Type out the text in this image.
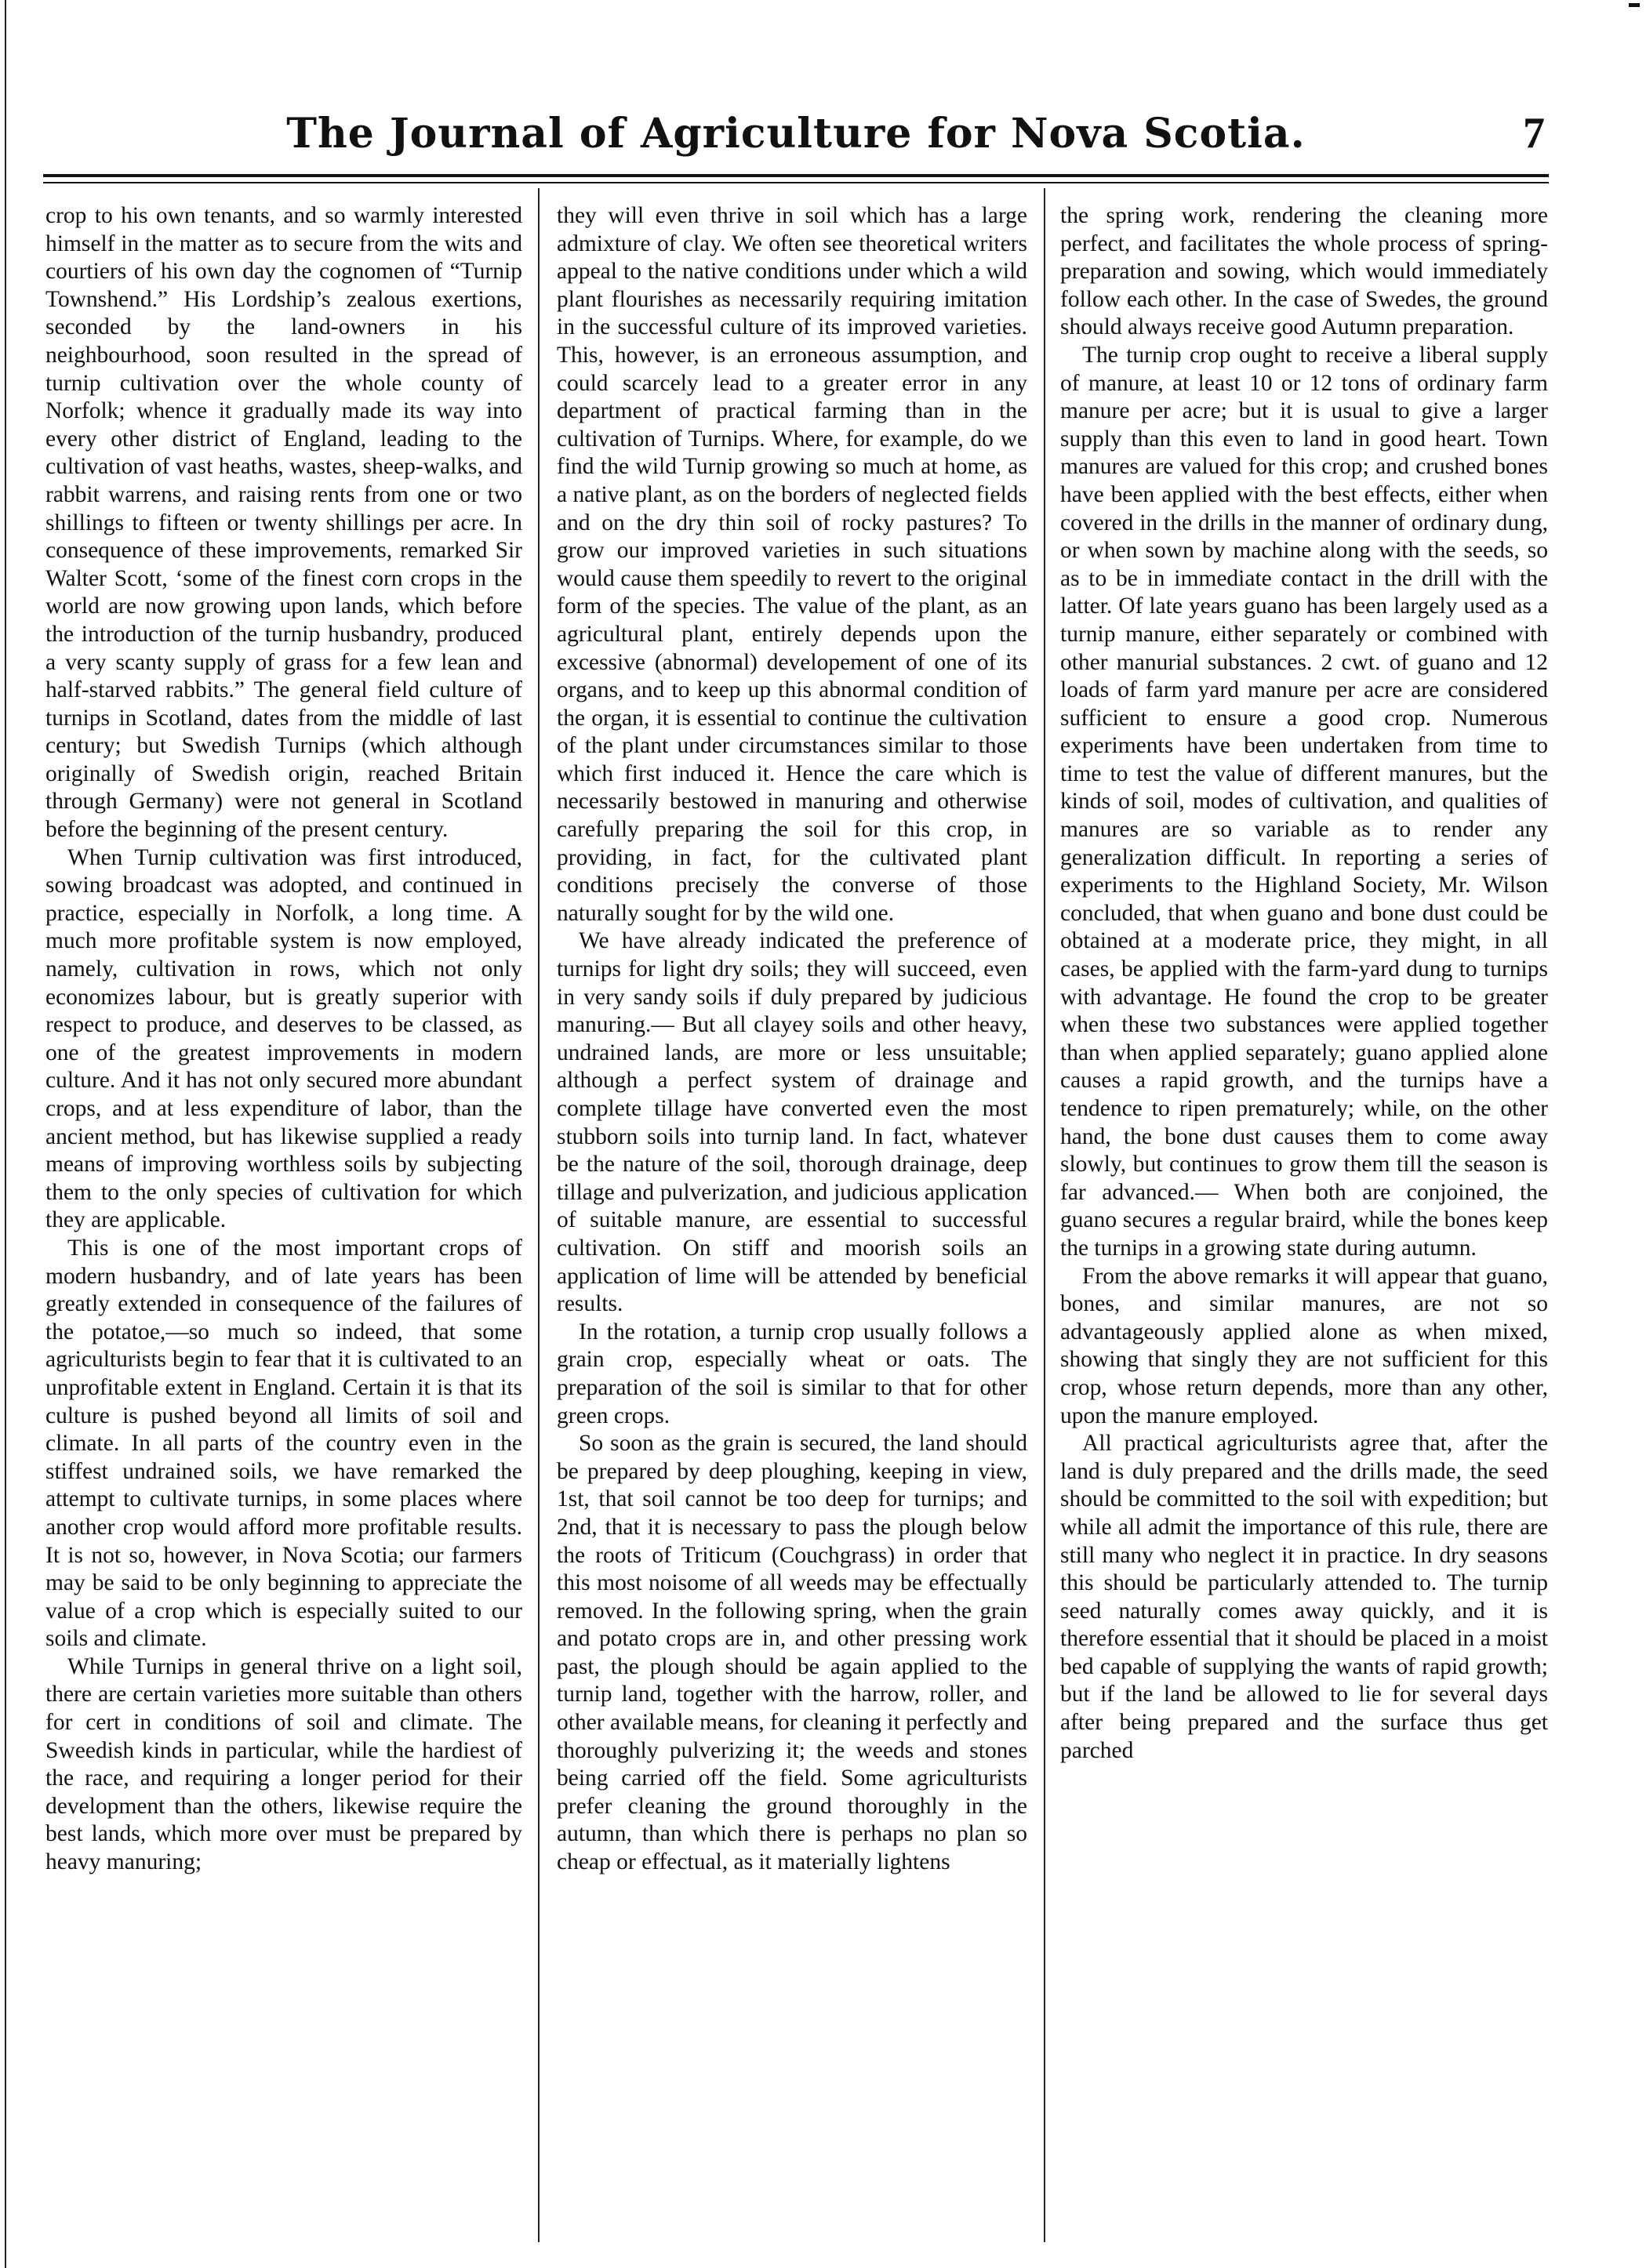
The Journal of Agriculture for Nova Scotia.	7

crop to his own tenants, and so warmly interested himself in the matter as to secure from the wits and courtiers of his own day the cognomen of “Turnip Townshend.” His Lordship’s zealous exertions, seconded by the land-owners in his neighbourhood, soon resulted in the spread of turnip cultivation over the whole county of Norfolk; whence it gradually made its way into every other district of England, leading to the cultivation of vast heaths, wastes, sheep-walks, and rabbit warrens, and raising rents from one or two shillings to fifteen or twenty shillings per acre. In consequence of these improvements, remarked Sir Walter Scott, ‘some of the finest corn crops in the world are now growing upon lands, which before the introduction of the turnip husbandry, produced a very scanty supply of grass for a few lean and half-starved rabbits.” The general field culture of turnips in Scotland, dates from the middle of last century; but Swedish Turnips (which although originally of Swedish origin, reached Britain through Germany) were not general in Scotland before the beginning of the present century.

When Turnip cultivation was first introduced, sowing broadcast was adopted, and continued in practice, especially in Norfolk, a long time. A much more profitable system is now employed, namely, cultivation in rows, which not only economizes labour, but is greatly superior with respect to produce, and deserves to be classed, as one of the greatest improvements in modern culture. And it has not only secured more abundant crops, and at less expenditure of labor, than the ancient method, but has likewise supplied a ready means of improving worthless soils by subjecting them to the only species of cultivation for which they are applicable.

This is one of the most important crops of modern husbandry, and of late years has been greatly extended in consequence of the failures of the potatoe,—so much so indeed, that some agriculturists begin to fear that it is cultivated to an unprofitable extent in England. Certain it is that its culture is pushed beyond all limits of soil and climate. In all parts of the country even in the stiffest undrained soils, we have remarked the attempt to cultivate turnips, in some places where another crop would afford more profitable results. It is not so, however, in Nova Scotia; our farmers may be said to be only beginning to appreciate the value of a crop which is especially suited to our soils and climate.

While Turnips in general thrive on a light soil, there are certain varieties more suitable than others for cert in conditions of soil and climate. The Sweedish kinds in particular, while the hardiest of the race, and requiring a longer period for their development than the others, likewise require the best lands, which more over must be prepared by heavy manuring;

they will even thrive in soil which has a large admixture of clay. We often see theoretical writers appeal to the native conditions under which a wild plant flourishes as necessarily requiring imitation in the successful culture of its improved varieties. This, however, is an erroneous assumption, and could scarcely lead to a greater error in any department of practical farming than in the cultivation of Turnips. Where, for example, do we find the wild Turnip growing so much at home, as a native plant, as on the borders of neglected fields and on the dry thin soil of rocky pastures? To grow our improved varieties in such situations would cause them speedily to revert to the original form of the species. The value of the plant, as an agricultural plant, entirely depends upon the excessive (abnormal) developement of one of its organs, and to keep up this abnormal condition of the organ, it is essential to continue the cultivation of the plant under circumstances similar to those which first induced it. Hence the care which is necessarily bestowed in manuring and otherwise carefully preparing the soil for this crop, in providing, in fact, for the cultivated plant conditions precisely the converse of those naturally sought for by the wild one.

We have already indicated the preference of turnips for light dry soils; they will succeed, even in very sandy soils if duly prepared by judicious manuring.— But all clayey soils and other heavy, undrained lands, are more or less unsuitable; although a perfect system of drainage and complete tillage have converted even the most stubborn soils into turnip land. In fact, whatever be the nature of the soil, thorough drainage, deep tillage and pulverization, and judicious application of suitable manure, are essential to successful cultivation. On stiff and moorish soils an application of lime will be attended by beneficial results.

In the rotation, a turnip crop usually follows a grain crop, especially wheat or oats. The preparation of the soil is similar to that for other green crops.

So soon as the grain is secured, the land should be prepared by deep ploughing, keeping in view, 1st, that soil cannot be too deep for turnips; and 2nd, that it is necessary to pass the plough below the roots of Triticum (Couchgrass) in order that this most noisome of all weeds may be effectually removed. In the following spring, when the grain and potato crops are in, and other pressing work past, the plough should be again applied to the turnip land, together with the harrow, roller, and other available means, for cleaning it perfectly and thoroughly pulverizing it; the weeds and stones being carried off the field. Some agriculturists prefer cleaning the ground thoroughly in the autumn, than which there is perhaps no plan so cheap or effectual, as it materially lightens

the spring work, rendering the cleaning more perfect, and facilitates the whole process of spring-preparation and sowing, which would immediately follow each other. In the case of Swedes, the ground should always receive good Autumn preparation.

The turnip crop ought to receive a liberal supply of manure, at least 10 or 12 tons of ordinary farm manure per acre; but it is usual to give a larger supply than this even to land in good heart. Town manures are valued for this crop; and crushed bones have been applied with the best effects, either when covered in the drills in the manner of ordinary dung, or when sown by machine along with the seeds, so as to be in immediate contact in the drill with the latter. Of late years guano has been largely used as a turnip manure, either separately or combined with other manurial substances. 2 cwt. of guano and 12 loads of farm yard manure per acre are considered sufficient to ensure a good crop. Numerous experiments have been undertaken from time to time to test the value of different manures, but the kinds of soil, modes of cultivation, and qualities of manures are so variable as to render any generalization difficult. In reporting a series of experiments to the Highland Society, Mr. Wilson concluded, that when guano and bone dust could be obtained at a moderate price, they might, in all cases, be applied with the farm-yard dung to turnips with advantage. He found the crop to be greater when these two substances were applied together than when applied separately; guano applied alone causes a rapid growth, and the turnips have a tendence to ripen prematurely; while, on the other hand, the bone dust causes them to come away slowly, but continues to grow them till the season is far advanced.— When both are conjoined, the guano secures a regular braird, while the bones keep the turnips in a growing state during autumn.

From the above remarks it will appear that guano, bones, and similar manures, are not so advantageously applied alone as when mixed, showing that singly they are not sufficient for this crop, whose return depends, more than any other, upon the manure employed.

All practical agriculturists agree that, after the land is duly prepared and the drills made, the seed should be committed to the soil with expedition; but while all admit the importance of this rule, there are still many who neglect it in practice. In dry seasons this should be particularly attended to. The turnip seed naturally comes away quickly, and it is therefore essential that it should be placed in a moist bed capable of supplying the wants of rapid growth; but if the land be allowed to lie for several days after being prepared and the surface thus get parched
